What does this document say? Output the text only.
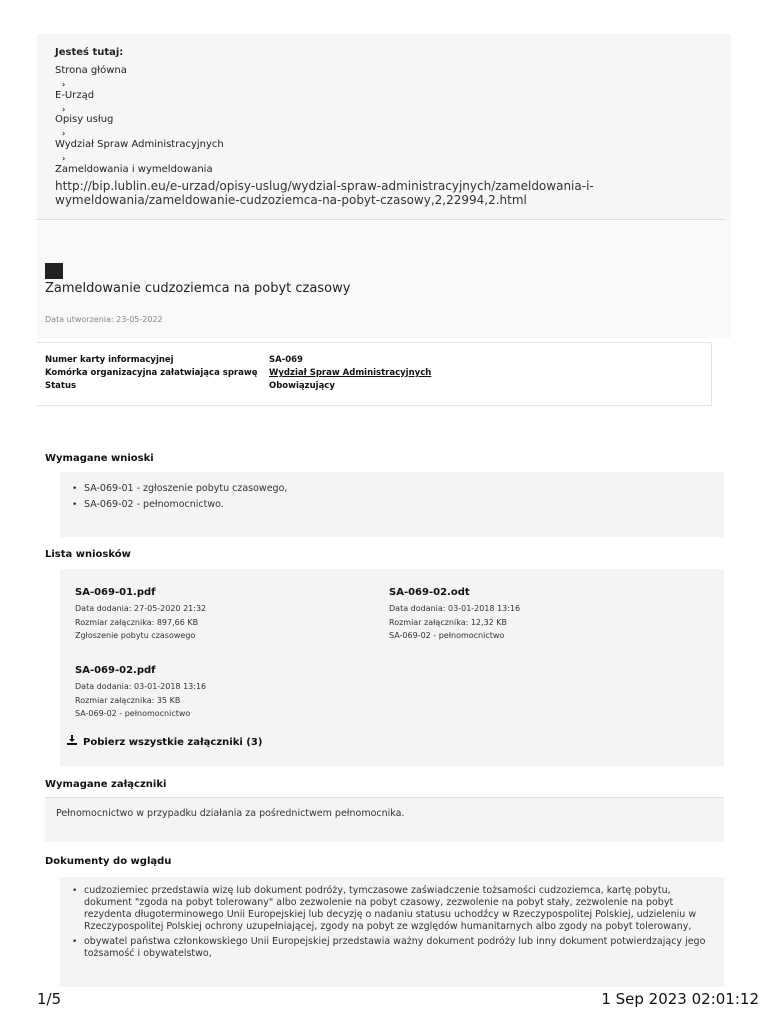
Jesteś tutaj:
Strona główna
›
E-Urząd
›
Opisy usług
›
Wydział Spraw Administracyjnych
›
Zameldowania i wymeldowania
http://bip.lublin.eu/e-urzad/opisy-uslug/wydzial-spraw-administracyjnych/zameldowania-i-wymeldowania/zameldowanie-cudzoziemca-na-pobyt-czasowy,2,22994,2.html
Zameldowanie cudzoziemca na pobyt czasowy
Data utworzenia: 23-05-2022
Numer karty informacyjnej	SA-069
Komórka organizacyjna załatwiająca sprawę Wydział Spraw Administracyjnych
Status	Obowiązujący
Wymagane wnioski
• SA-069-01 - zgłoszenie pobytu czasowego,
• SA-069-02 - pełnomocnictwo.
Lista wniosków
SA-069-01.pdf
Data dodania: 27-05-2020 21:32
Rozmiar załącznika: 897,66 KB
Zgłoszenie pobytu czasowego
SA-069-02.odt
Data dodania: 03-01-2018 13:16
Rozmiar załącznika: 12,32 KB
SA-069-02 - pełnomocnictwo
SA-069-02.pdf
Data dodania: 03-01-2018 13:16
Rozmiar załącznika: 35 KB
SA-069-02 - pełnomocnictwo
Pobierz wszystkie załączniki (3)
Wymagane załączniki
Pełnomocnictwo w przypadku działania za pośrednictwem pełnomocnika.
Dokumenty do wglądu
• cudzoziemiec przedstawia wizę lub dokument podróży, tymczasowe zaświadczenie tożsamości cudzoziemca, kartę pobytu, dokument "zgoda na pobyt tolerowany" albo zezwolenie na pobyt czasowy, zezwolenie na pobyt stały, zezwolenie na pobyt rezydenta długoterminowego Unii Europejskiej lub decyzję o nadaniu statusu uchodźcy w Rzeczypospolitej Polskiej, udzieleniu w Rzeczypospolitej Polskiej ochrony uzupełniającej, zgody na pobyt ze względów humanitarnych albo zgody na pobyt tolerowany,
• obywatel państwa członkowskiego Unii Europejskiej przedstawia ważny dokument podróży lub inny dokument potwierdzający jego tożsamość i obywatelstwo,
1/5	1 Sep 2023 02:01:12
